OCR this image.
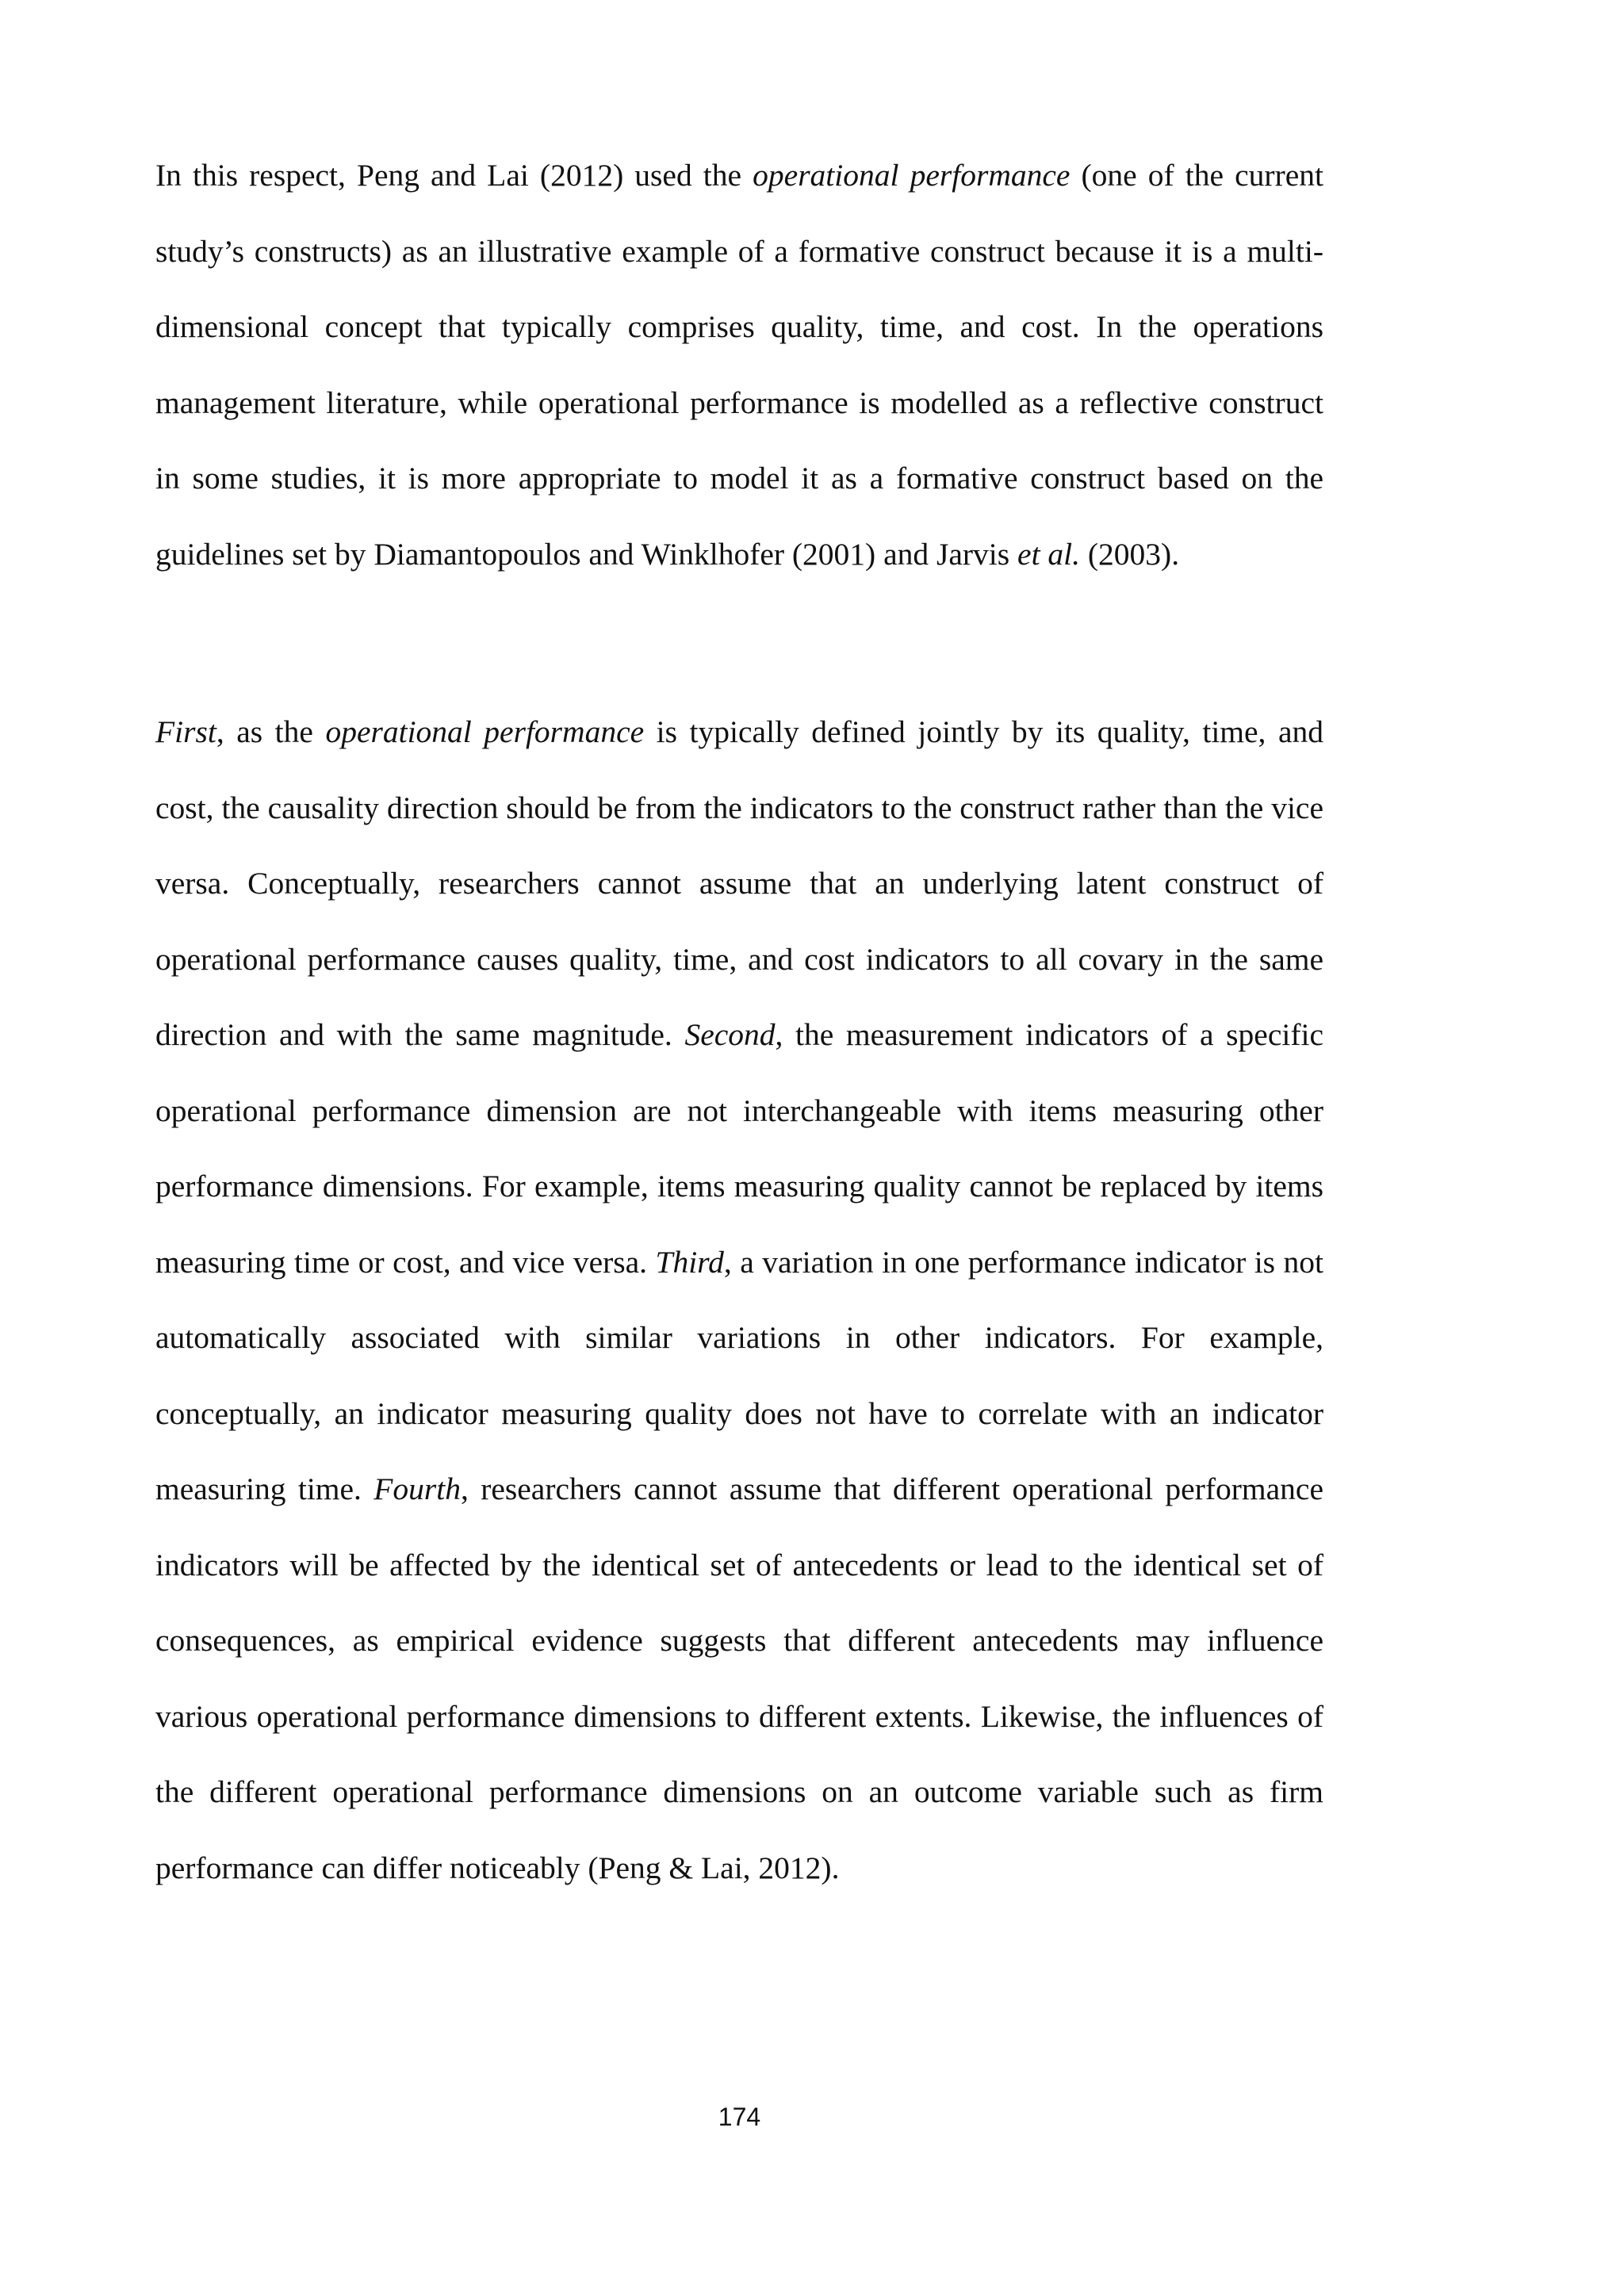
In this respect, Peng and Lai (2012) used the operational performance (one of the current study’s constructs) as an illustrative example of a formative construct because it is a multi-dimensional concept that typically comprises quality, time, and cost. In the operations management literature, while operational performance is modelled as a reflective construct in some studies, it is more appropriate to model it as a formative construct based on the guidelines set by Diamantopoulos and Winklhofer (2001) and Jarvis et al. (2003).

First, as the operational performance is typically defined jointly by its quality, time, and cost, the causality direction should be from the indicators to the construct rather than the vice versa. Conceptually, researchers cannot assume that an underlying latent construct of operational performance causes quality, time, and cost indicators to all covary in the same direction and with the same magnitude. Second, the measurement indicators of a specific operational performance dimension are not interchangeable with items measuring other performance dimensions. For example, items measuring quality cannot be replaced by items measuring time or cost, and vice versa. Third, a variation in one performance indicator is not automatically associated with similar variations in other indicators. For example, conceptually, an indicator measuring quality does not have to correlate with an indicator measuring time. Fourth, researchers cannot assume that different operational performance indicators will be affected by the identical set of antecedents or lead to the identical set of consequences, as empirical evidence suggests that different antecedents may influence various operational performance dimensions to different extents. Likewise, the influences of the different operational performance dimensions on an outcome variable such as firm performance can differ noticeably (Peng & Lai, 2012).

174
